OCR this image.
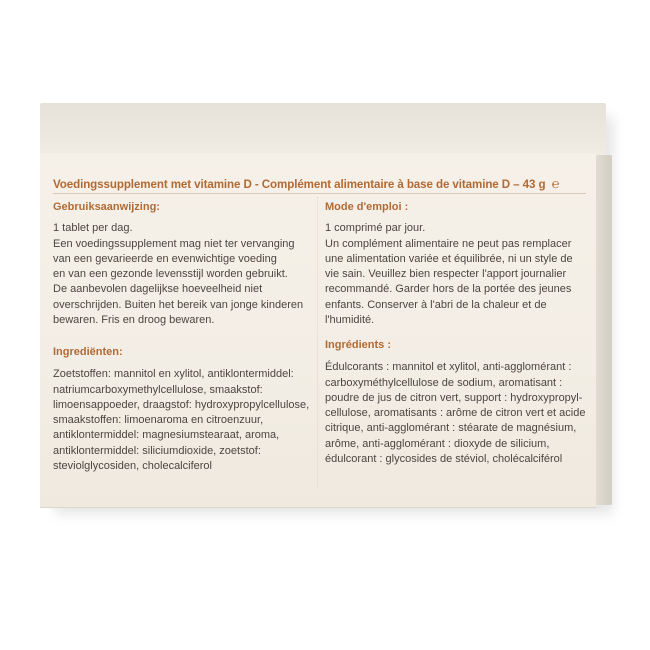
Voedingssupplement met vitamine D - Complément alimentaire à base de vitamine D – 43 g ℮
Gebruiksaanwijzing:

1 tablet per dag.
Een voedingssupplement mag niet ter vervanging
van een gevarieerde en evenwichtige voeding
en van een gezonde levensstijl worden gebruikt.
De aanbevolen dagelijkse hoeveelheid niet
overschrijden. Buiten het bereik van jonge kinderen
bewaren. Fris en droog bewaren.

Ingrediënten:

Zoetstoffen: mannitol en xylitol, antiklontermiddel:
natriumcarboxymethylcellulose, smaakstof:
limoensappoeder, draagstof: hydroxypropylcellulose,
smaakstoffen: limoenaroma en citroenzuur,
antiklontermiddel: magnesiumstearaat, aroma,
antiklontermiddel: siliciumdioxide, zoetstof:
steviolglycosiden, cholecalciferol

Mode d'emploi :

1 comprimé par jour.
Un complément alimentaire ne peut pas remplacer
une alimentation variée et équilibrée, ni un style de
vie sain. Veuillez bien respecter l'apport journalier
recommandé. Garder hors de la portée des jeunes
enfants. Conserver à l'abri de la chaleur et de
l'humidité.

Ingrédients :

Édulcorants : mannitol et xylitol, anti-agglomérant :
carboxyméthylcellulose de sodium, aromatisant :
poudre de jus de citron vert, support : hydroxypropyl-
cellulose, aromatisants : arôme de citron vert et acide
citrique, anti-agglomérant : stéarate de magnésium,
arôme, anti-agglomérant : dioxyde de silicium,
édulcorant : glycosides de stéviol, cholécalciférol
